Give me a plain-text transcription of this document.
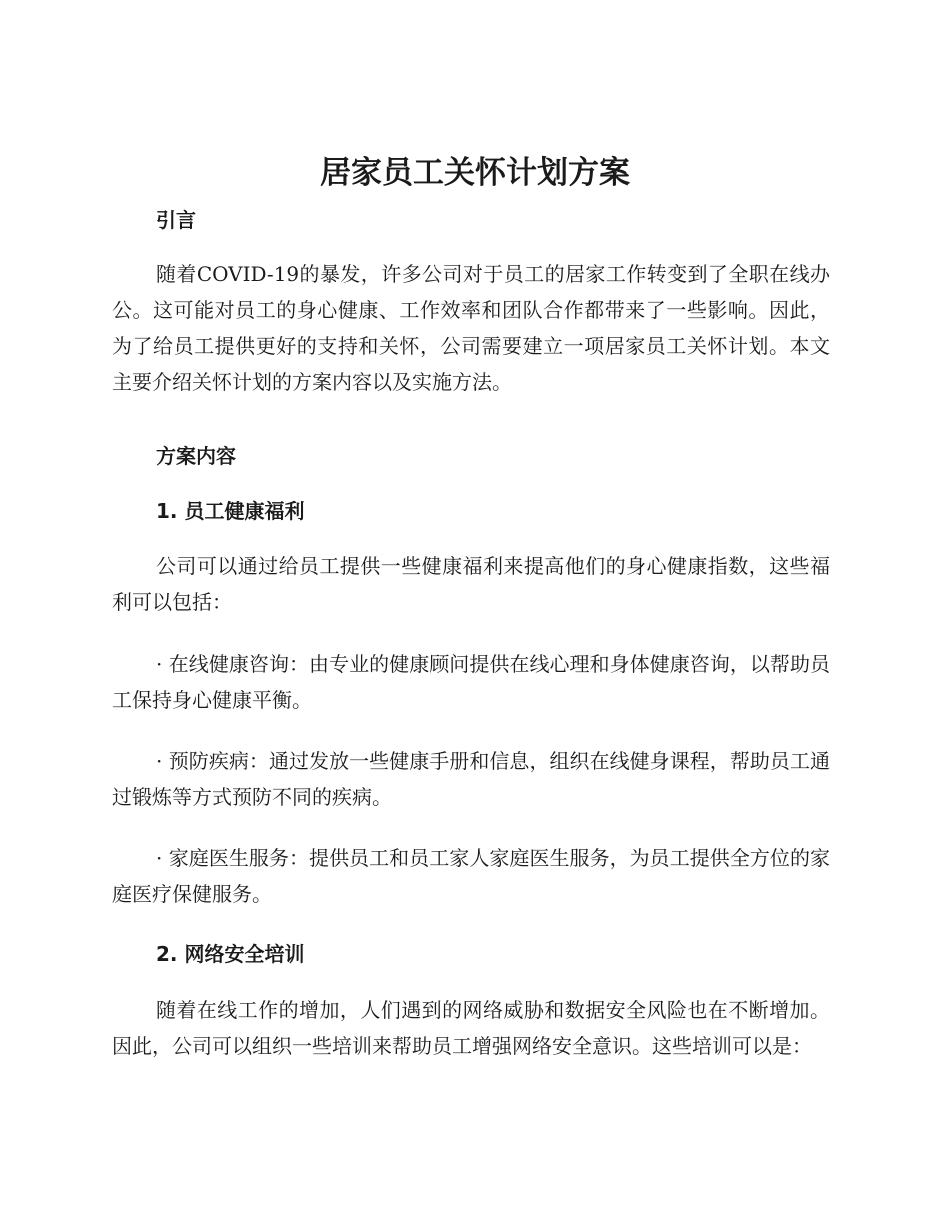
居家员工关怀计划方案
引言

随着COVID-19的暴发，许多公司对于员工的居家工作转变到了全职在线办公。这可能对员工的身心健康、工作效率和团队合作都带来了一些影响。因此，为了给员工提供更好的支持和关怀，公司需要建立一项居家员工关怀计划。本文主要介绍关怀计划的方案内容以及实施方法。

方案内容
1. 员工健康福利

公司可以通过给员工提供一些健康福利来提高他们的身心健康指数，这些福利可以包括：

· 在线健康咨询：由专业的健康顾问提供在线心理和身体健康咨询，以帮助员工保持身心健康平衡。

· 预防疾病：通过发放一些健康手册和信息，组织在线健身课程，帮助员工通过锻炼等方式预防不同的疾病。

· 家庭医生服务：提供员工和员工家人家庭医生服务，为员工提供全方位的家庭医疗保健服务。

2. 网络安全培训

随着在线工作的增加，人们遇到的网络威胁和数据安全风险也在不断增加。因此，公司可以组织一些培训来帮助员工增强网络安全意识。这些培训可以是：
